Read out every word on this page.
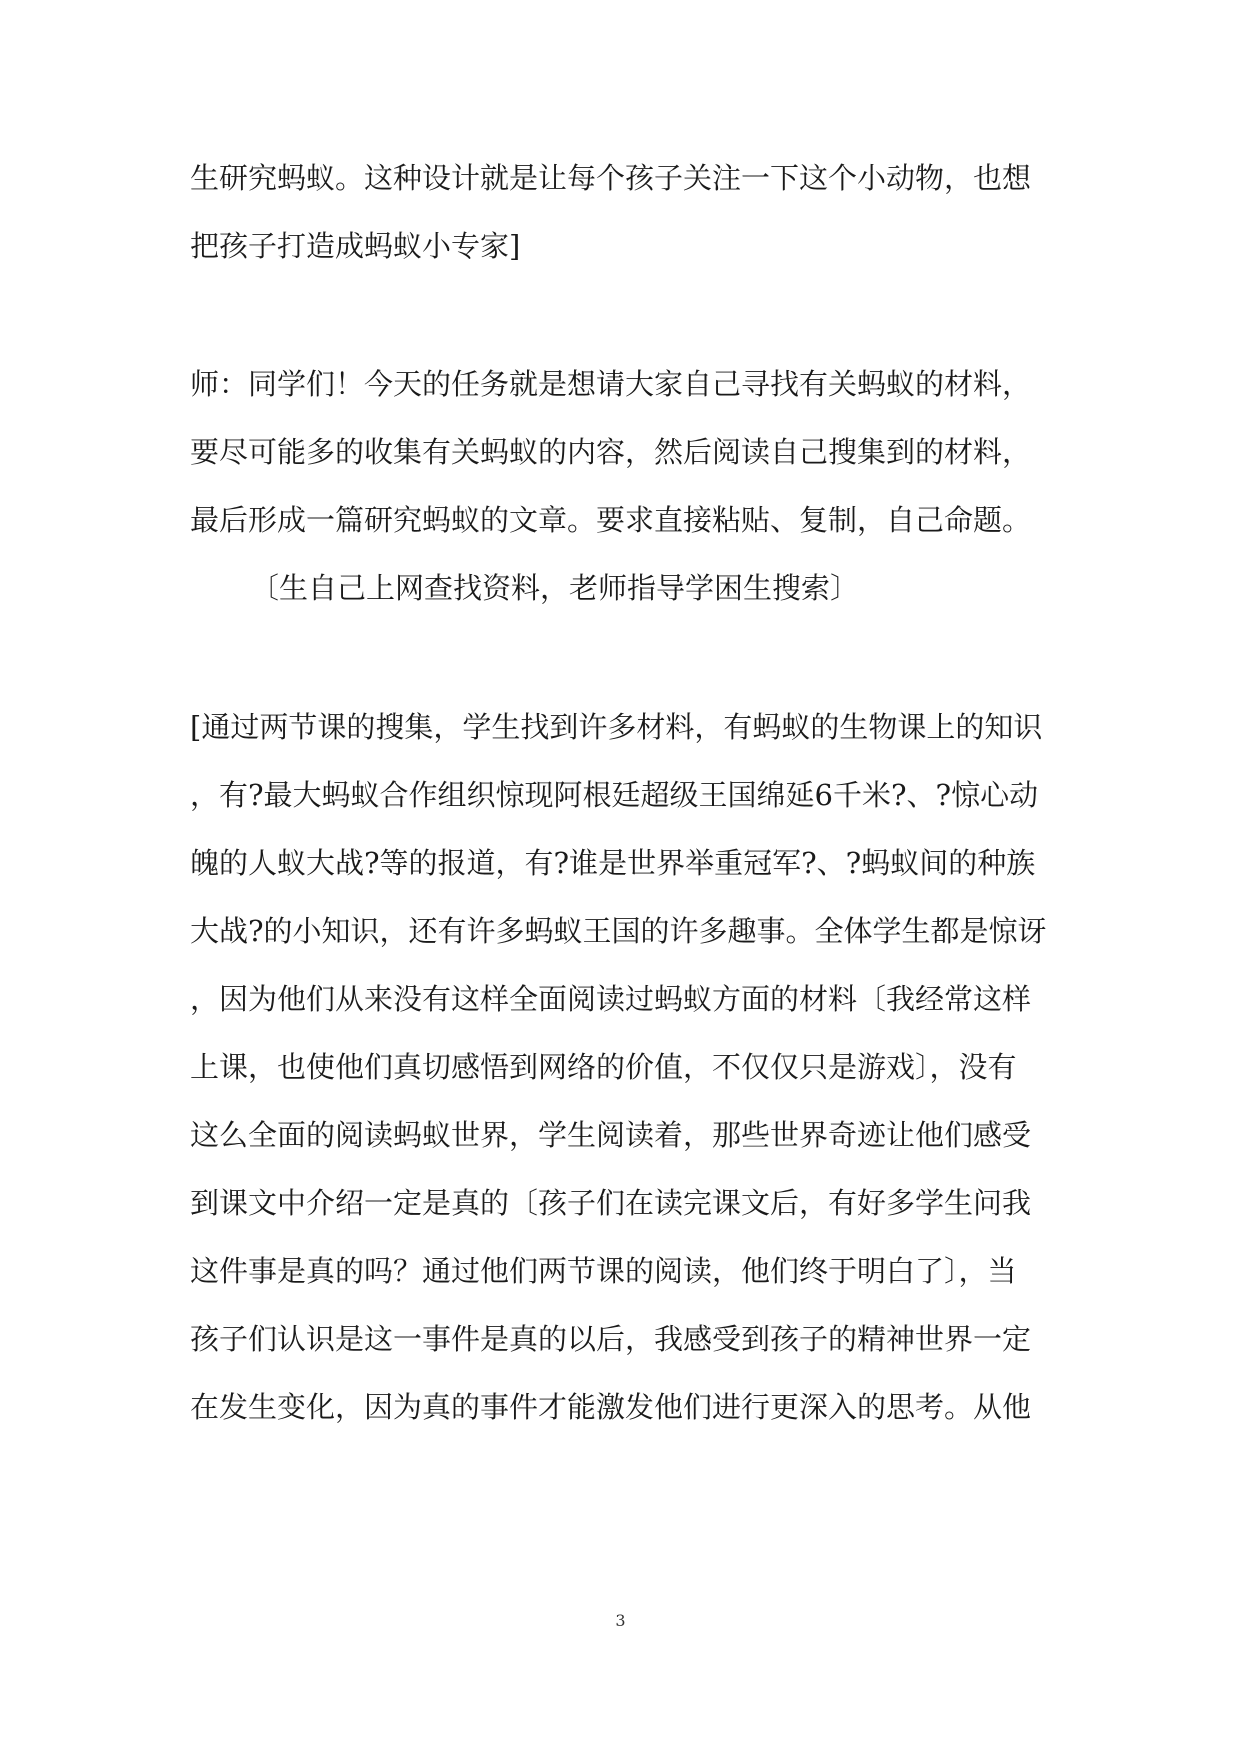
生研究蚂蚁。这种设计就是让每个孩子关注一下这个小动物，也想
把孩子打造成蚂蚁小专家]
师：同学们！今天的任务就是想请大家自己寻找有关蚂蚁的材料，
要尽可能多的收集有关蚂蚁的内容，然后阅读自己搜集到的材料，
最后形成一篇研究蚂蚁的文章。要求直接粘贴、复制，自己命题。
〔生自己上网查找资料，老师指导学困生搜索〕
[通过两节课的搜集，学生找到许多材料，有蚂蚁的生物课上的知识
，有?最大蚂蚁合作组织惊现阿根廷超级王国绵延6千米?、?惊心动
魄的人蚁大战?等的报道，有?谁是世界举重冠军?、?蚂蚁间的种族
大战?的小知识，还有许多蚂蚁王国的许多趣事。全体学生都是惊讶
，因为他们从来没有这样全面阅读过蚂蚁方面的材料〔我经常这样
上课，也使他们真切感悟到网络的价值，不仅仅只是游戏〕，没有
这么全面的阅读蚂蚁世界，学生阅读着，那些世界奇迹让他们感受
到课文中介绍一定是真的〔孩子们在读完课文后，有好多学生问我
这件事是真的吗？通过他们两节课的阅读，他们终于明白了〕，当
孩子们认识是这一事件是真的以后，我感受到孩子的精神世界一定
在发生变化，因为真的事件才能激发他们进行更深入的思考。从他
3
